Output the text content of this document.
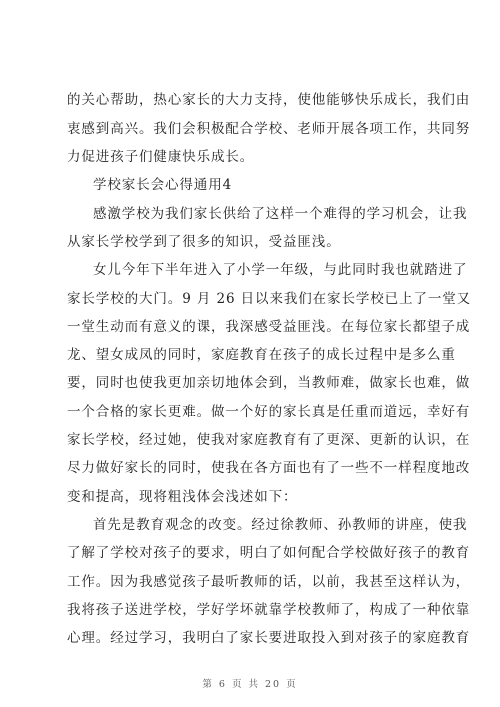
的关心帮助，热心家长的大力支持，使他能够快乐成长，我们由
衷感到高兴。我们会积极配合学校、老师开展各项工作，共同努
力促进孩子们健康快乐成长。
学校家长会心得通用4
感激学校为我们家长供给了这样一个难得的学习机会，让我
从家长学校学到了很多的知识，受益匪浅。
女儿今年下半年进入了小学一年级，与此同时我也就踏进了
家长学校的大门。9 月 26 日以来我们在家长学校已上了一堂又
一堂生动而有意义的课，我深感受益匪浅。在每位家长都望子成
龙、望女成凤的同时，家庭教育在孩子的成长过程中是多么重
要，同时也使我更加亲切地体会到，当教师难，做家长也难，做
一个合格的家长更难。做一个好的家长真是任重而道远，幸好有
家长学校，经过她，使我对家庭教育有了更深、更新的认识，在
尽力做好家长的同时，使我在各方面也有了一些不一样程度地改
变和提高，现将粗浅体会浅述如下：
首先是教育观念的改变。经过徐教师、孙教师的讲座，使我
了解了学校对孩子的要求，明白了如何配合学校做好孩子的教育
工作。因为我感觉孩子最听教师的话，以前，我甚至这样认为，
我将孩子送进学校，学好学坏就靠学校教师了，构成了一种依靠
心理。经过学习，我明白了家长要进取投入到对孩子的家庭教育
第 6 页 共 20 页
